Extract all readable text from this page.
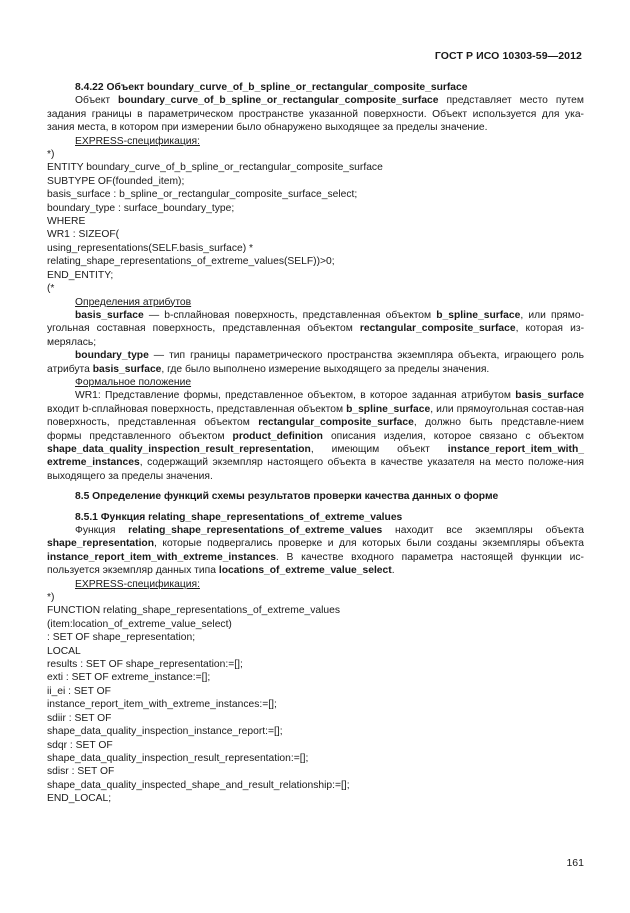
ГОСТ Р ИСО 10303-59—2012

8.4.22 Объект boundary_curve_of_b_spline_or_rectangular_composite_surface

Объект boundary_curve_of_b_spline_or_rectangular_composite_surface представляет место путем задания границы в параметрическом пространстве указанной поверхности. Объект используется для ука-зания места, в котором при измерении было обнаружено выходящее за пределы значение.

EXPRESS-спецификация:

*)

ENTITY boundary_curve_of_b_spline_or_rectangular_composite_surface

SUBTYPE OF(founded_item);

basis_surface : b_spline_or_rectangular_composite_surface_select;

boundary_type : surface_boundary_type;

WHERE

WR1 : SIZEOF(

using_representations(SELF.basis_surface) *

relating_shape_representations_of_extreme_values(SELF))>0;

END_ENTITY;

(*

Определения атрибутов

basis_surface — b-сплайновая поверхность, представленная объектом b_spline_surface, или прямо-угольная составная поверхность, представленная объектом rectangular_composite_surface, которая из-мерялась;

boundary_type — тип границы параметрического пространства экземпляра объекта, играющего роль атрибута basis_surface, где было выполнено измерение выходящего за пределы значения.

Формальное положение

WR1: Представление формы, представленное объектом, в которое заданная атрибутом basis_surface входит b-сплайновая поверхность, представленная объектом b_spline_surface, или прямоугольная состав-ная поверхность, представленная объектом rectangular_composite_surface, должно быть представле-нием формы представленного объектом product_definition описания изделия, которое связано с объектом shape_data_quality_inspection_result_representation, имеющим объект instance_report_item_with_ extreme_instances, содержащий экземпляр настоящего объекта в качестве указателя на место положе-ния выходящего за пределы значения.

8.5 Определение функций схемы результатов проверки качества данных о форме

8.5.1 Функция relating_shape_representations_of_extreme_values

Функция relating_shape_representations_of_extreme_values находит все экземпляры объекта shape_representation, которые подвергались проверке и для которых были созданы экземпляры объекта instance_report_item_with_extreme_instances. В качестве входного параметра настоящей функции ис-пользуется экземпляр данных типа locations_of_extreme_value_select.

EXPRESS-спецификация:

*)

FUNCTION relating_shape_representations_of_extreme_values

(item:location_of_extreme_value_select)

: SET OF shape_representation;

LOCAL

results : SET OF shape_representation:=[];

exti : SET OF extreme_instance:=[];

ii_ei : SET OF

instance_report_item_with_extreme_instances:=[];

sdiir : SET OF

shape_data_quality_inspection_instance_report:=[];

sdqr : SET OF

shape_data_quality_inspection_result_representation:=[];

sdisr : SET OF

shape_data_quality_inspected_shape_and_result_relationship:=[];

END_LOCAL;

161
